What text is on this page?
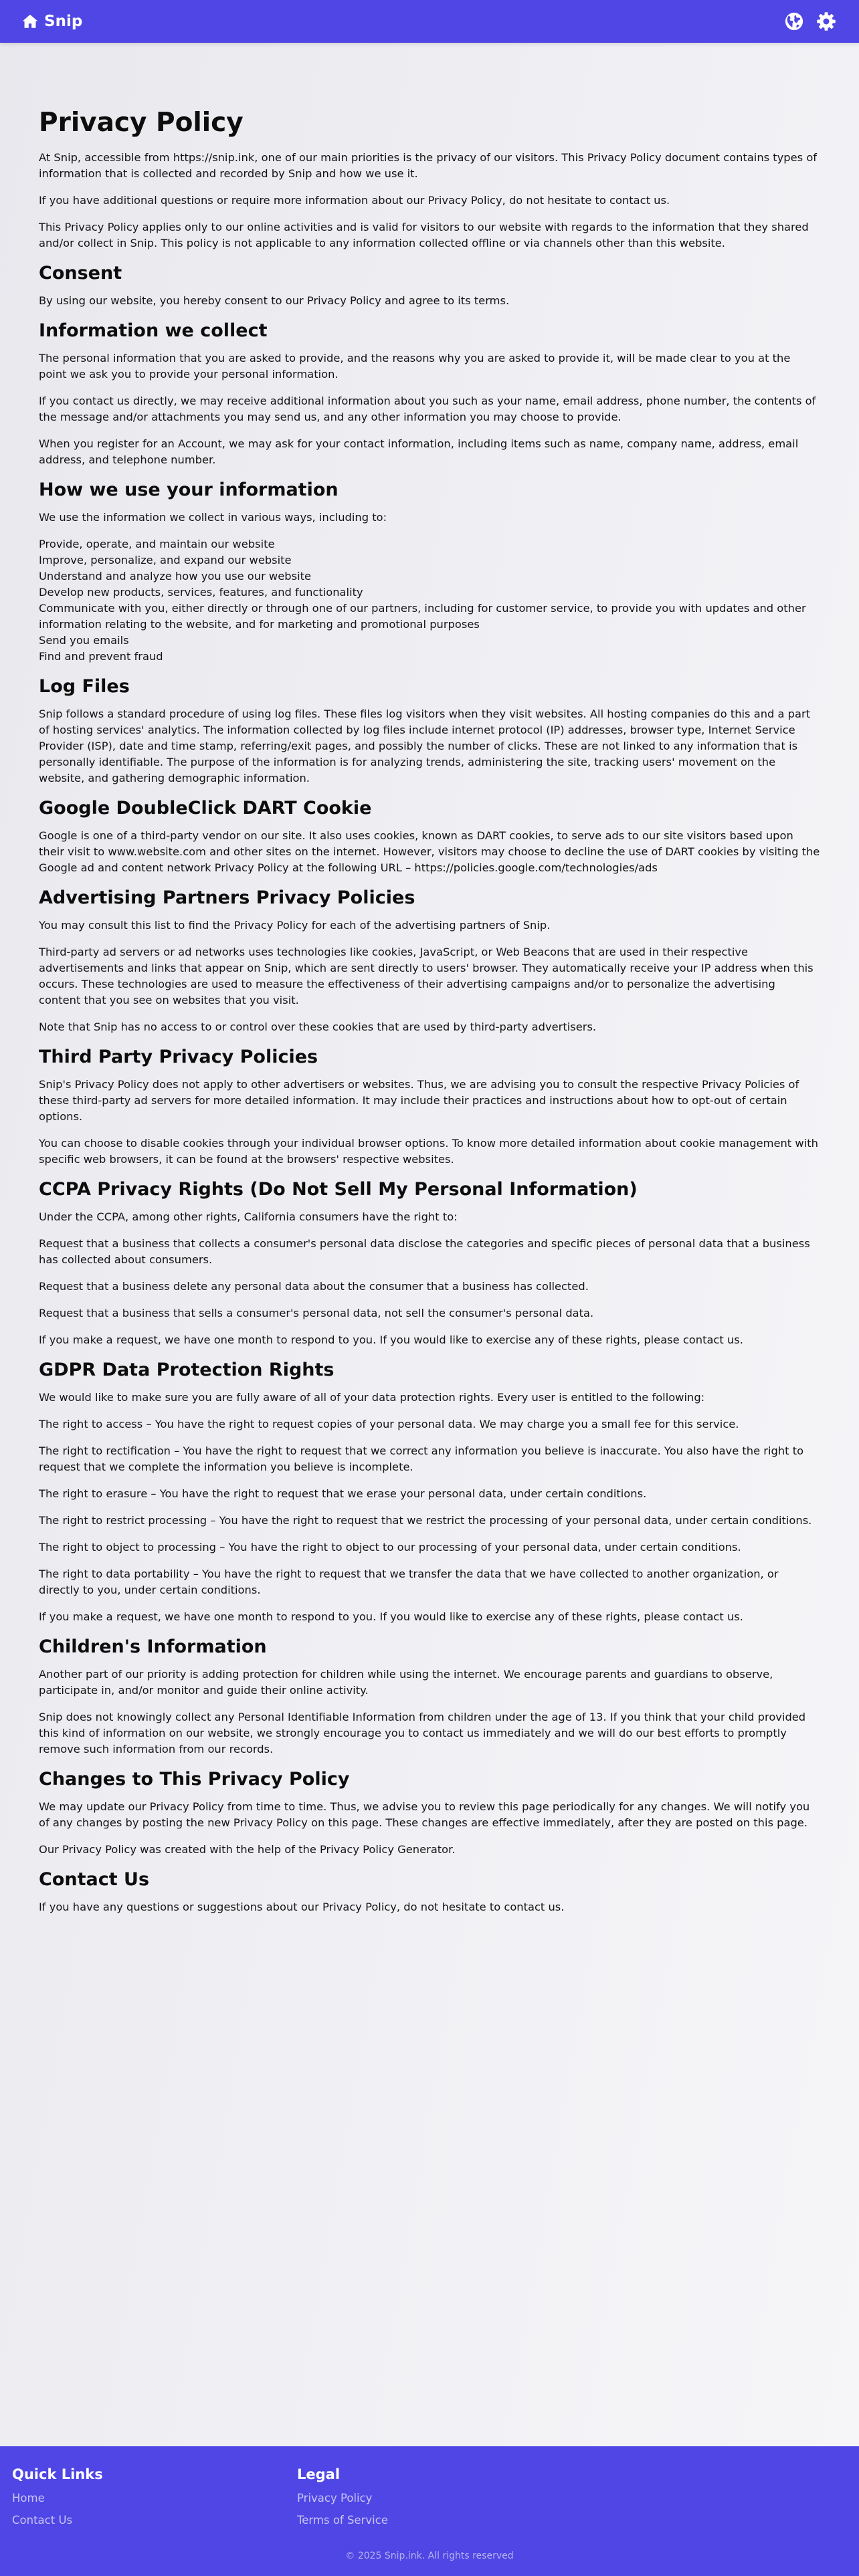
Snip
Privacy Policy

At Snip, accessible from https://snip.ink, one of our main priorities is the privacy of our visitors. This Privacy Policy document contains types of information that is collected and recorded by Snip and how we use it.

If you have additional questions or require more information about our Privacy Policy, do not hesitate to contact us.

This Privacy Policy applies only to our online activities and is valid for visitors to our website with regards to the information that they shared and/or collect in Snip. This policy is not applicable to any information collected offline or via channels other than this website.

Consent

By using our website, you hereby consent to our Privacy Policy and agree to its terms.

Information we collect

The personal information that you are asked to provide, and the reasons why you are asked to provide it, will be made clear to you at the point we ask you to provide your personal information.

If you contact us directly, we may receive additional information about you such as your name, email address, phone number, the contents of the message and/or attachments you may send us, and any other information you may choose to provide.

When you register for an Account, we may ask for your contact information, including items such as name, company name, address, email address, and telephone number.

How we use your information

We use the information we collect in various ways, including to:

Provide, operate, and maintain our website
Improve, personalize, and expand our website
Understand and analyze how you use our website
Develop new products, services, features, and functionality
Communicate with you, either directly or through one of our partners, including for customer service, to provide you with updates and other information relating to the website, and for marketing and promotional purposes
Send you emails
Find and prevent fraud
Log Files

Snip follows a standard procedure of using log files. These files log visitors when they visit websites. All hosting companies do this and a part of hosting services' analytics. The information collected by log files include internet protocol (IP) addresses, browser type, Internet Service Provider (ISP), date and time stamp, referring/exit pages, and possibly the number of clicks. These are not linked to any information that is personally identifiable. The purpose of the information is for analyzing trends, administering the site, tracking users' movement on the website, and gathering demographic information.

Google DoubleClick DART Cookie

Google is one of a third-party vendor on our site. It also uses cookies, known as DART cookies, to serve ads to our site visitors based upon their visit to www.website.com and other sites on the internet. However, visitors may choose to decline the use of DART cookies by visiting the Google ad and content network Privacy Policy at the following URL – https://policies.google.com/technologies/ads

Advertising Partners Privacy Policies

You may consult this list to find the Privacy Policy for each of the advertising partners of Snip.

Third-party ad servers or ad networks uses technologies like cookies, JavaScript, or Web Beacons that are used in their respective advertisements and links that appear on Snip, which are sent directly to users' browser. They automatically receive your IP address when this occurs. These technologies are used to measure the effectiveness of their advertising campaigns and/or to personalize the advertising content that you see on websites that you visit.

Note that Snip has no access to or control over these cookies that are used by third-party advertisers.

Third Party Privacy Policies

Snip's Privacy Policy does not apply to other advertisers or websites. Thus, we are advising you to consult the respective Privacy Policies of these third-party ad servers for more detailed information. It may include their practices and instructions about how to opt-out of certain options.

You can choose to disable cookies through your individual browser options. To know more detailed information about cookie management with specific web browsers, it can be found at the browsers' respective websites.

CCPA Privacy Rights (Do Not Sell My Personal Information)

Under the CCPA, among other rights, California consumers have the right to:

Request that a business that collects a consumer's personal data disclose the categories and specific pieces of personal data that a business has collected about consumers.

Request that a business delete any personal data about the consumer that a business has collected.

Request that a business that sells a consumer's personal data, not sell the consumer's personal data.

If you make a request, we have one month to respond to you. If you would like to exercise any of these rights, please contact us.

GDPR Data Protection Rights

We would like to make sure you are fully aware of all of your data protection rights. Every user is entitled to the following:

The right to access – You have the right to request copies of your personal data. We may charge you a small fee for this service.

The right to rectification – You have the right to request that we correct any information you believe is inaccurate. You also have the right to request that we complete the information you believe is incomplete.

The right to erasure – You have the right to request that we erase your personal data, under certain conditions.

The right to restrict processing – You have the right to request that we restrict the processing of your personal data, under certain conditions.

The right to object to processing – You have the right to object to our processing of your personal data, under certain conditions.

The right to data portability – You have the right to request that we transfer the data that we have collected to another organization, or directly to you, under certain conditions.

If you make a request, we have one month to respond to you. If you would like to exercise any of these rights, please contact us.

Children's Information

Another part of our priority is adding protection for children while using the internet. We encourage parents and guardians to observe, participate in, and/or monitor and guide their online activity.

Snip does not knowingly collect any Personal Identifiable Information from children under the age of 13. If you think that your child provided this kind of information on our website, we strongly encourage you to contact us immediately and we will do our best efforts to promptly remove such information from our records.

Changes to This Privacy Policy

We may update our Privacy Policy from time to time. Thus, we advise you to review this page periodically for any changes. We will notify you of any changes by posting the new Privacy Policy on this page. These changes are effective immediately, after they are posted on this page.

Our Privacy Policy was created with the help of the Privacy Policy Generator.

Contact Us

If you have any questions or suggestions about our Privacy Policy, do not hesitate to contact us.

Quick Links
Home
Contact Us
Legal
Privacy Policy
Terms of Service
© 2025 Snip.ink. All rights reserved
